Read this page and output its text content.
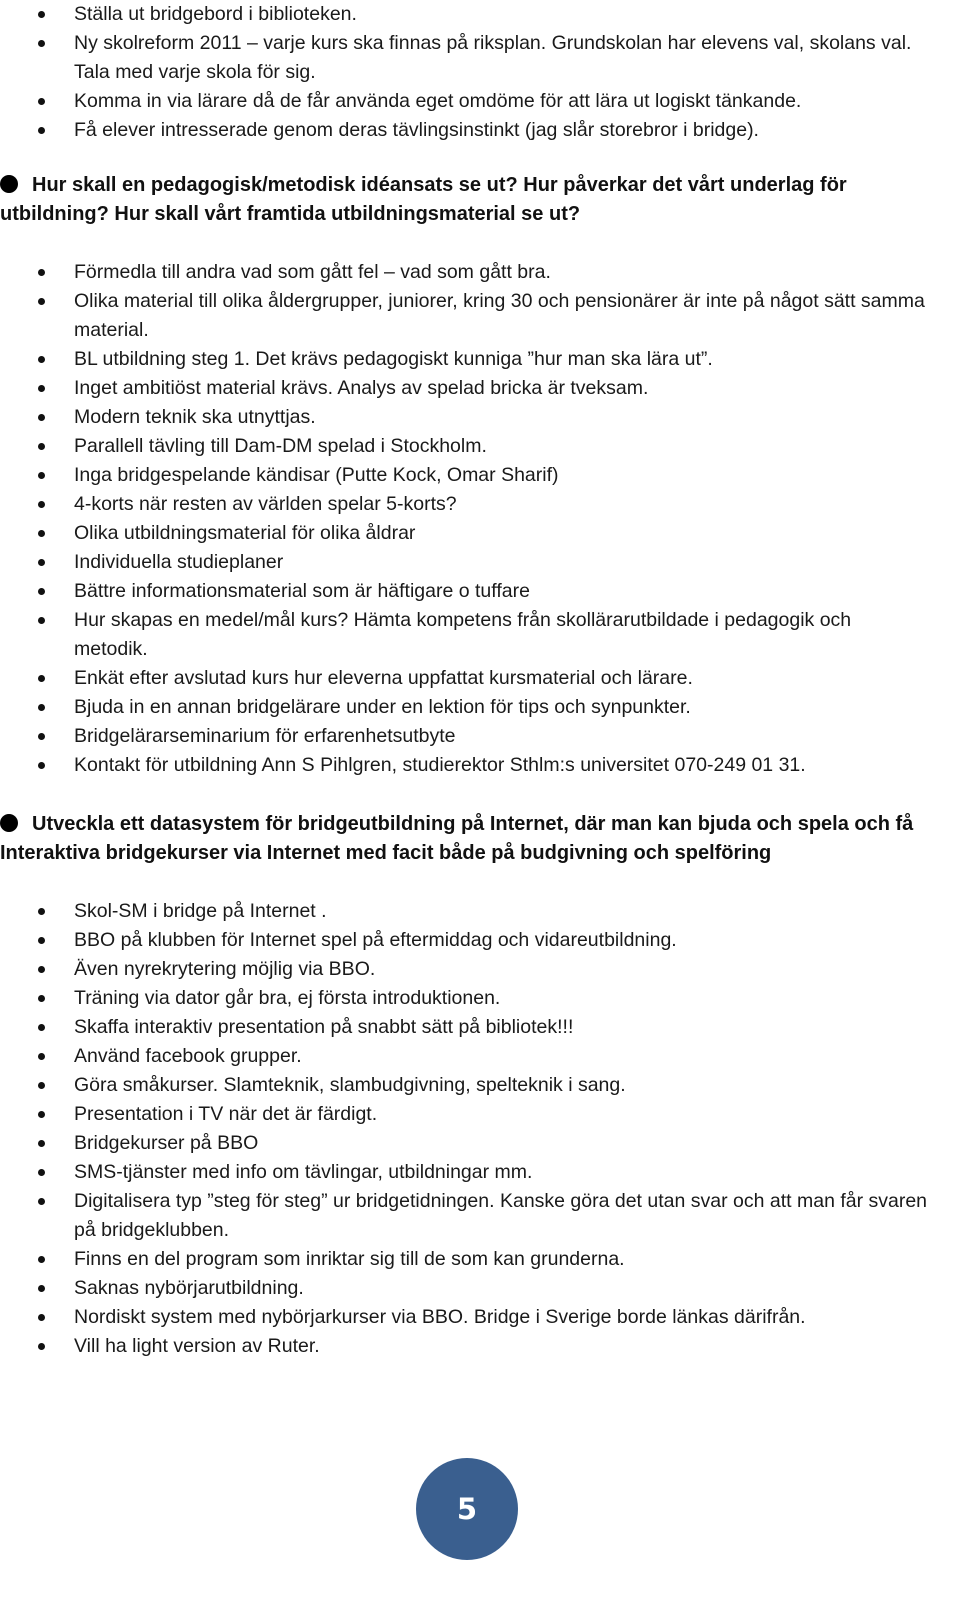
Ställa ut bridgebord i biblioteken.
Ny skolreform 2011 – varje kurs ska finnas på riksplan. Grundskolan har elevens val, skolans val. Tala med varje skola för sig.
Komma in via lärare då de får använda eget omdöme för att lära ut logiskt tänkande.
Få elever intresserade genom deras tävlingsinstinkt (jag slår storebror i bridge).
Hur skall en pedagogisk/metodisk idéansats se ut? Hur påverkar det vårt underlag för utbildning? Hur skall vårt framtida utbildningsmaterial se ut?
Förmedla till andra vad som gått fel – vad som gått bra.
Olika material till olika åldergrupper, juniorer, kring 30 och pensionärer är inte på något sätt samma material.
BL utbildning steg 1. Det krävs pedagogiskt kunniga ”hur man ska lära ut”.
Inget ambitiöst material krävs. Analys av spelad bricka är tveksam.
Modern teknik ska utnyttjas.
Parallell tävling till Dam-DM spelad i Stockholm.
Inga bridgespelande kändisar (Putte Kock, Omar Sharif)
4-korts när resten av världen spelar 5-korts?
Olika utbildningsmaterial för olika åldrar
Individuella studieplaner
Bättre informationsmaterial som är häftigare o tuffare
Hur skapas en medel/mål kurs? Hämta kompetens från skollärarutbildade i pedagogik och metodik.
Enkät efter avslutad kurs hur eleverna uppfattat kursmaterial och lärare.
Bjuda in en annan bridgelärare under en lektion för tips och synpunkter.
Bridgelärarseminarium för erfarenhetsutbyte
Kontakt för utbildning Ann S Pihlgren, studierektor Sthlm:s universitet 070-249 01 31.
Utveckla ett datasystem för bridgeutbildning på Internet, där man kan bjuda och spela och få Interaktiva bridgekurser via Internet med facit både på budgivning och spelföring
Skol-SM i bridge på Internet .
BBO på klubben för Internet spel på eftermiddag och vidareutbildning.
Även nyrekrytering möjlig via BBO.
Träning via dator går bra, ej första introduktionen.
Skaffa interaktiv presentation på snabbt sätt på bibliotek!!!
Använd facebook grupper.
Göra småkurser. Slamteknik, slambudgivning, spelteknik i sang.
Presentation i TV när det är färdigt.
Bridgekurser på BBO
SMS-tjänster med info om tävlingar, utbildningar mm.
Digitalisera typ ”steg för steg” ur bridgetidningen. Kanske göra det utan svar och att man får svaren på bridgeklubben.
Finns en del program som inriktar sig till de som kan grunderna.
Saknas nybörjarutbildning.
Nordiskt system med nybörjarkurser via BBO. Bridge i Sverige borde länkas därifrån.
Vill ha light version av Ruter.
5
